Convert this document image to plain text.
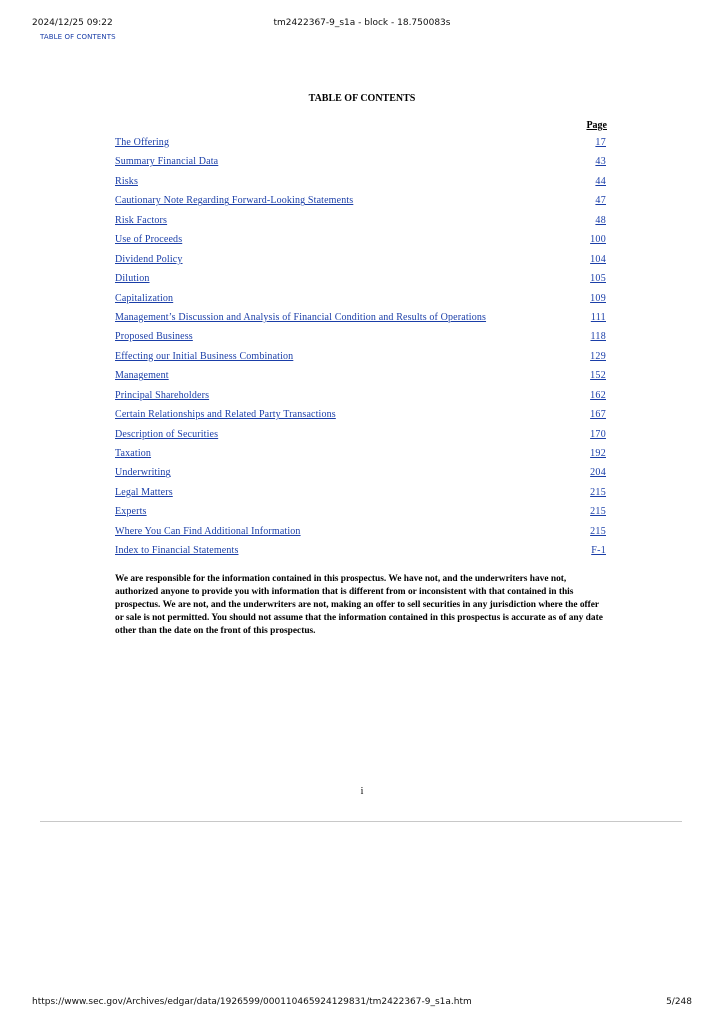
2024/12/25 09:22	tm2422367-9_s1a - block - 18.750083s
TABLE OF CONTENTS
TABLE OF CONTENTS
Page
The Offering	17
Summary Financial Data	43
Risks	44
Cautionary Note Regarding Forward-Looking Statements	47
Risk Factors	48
Use of Proceeds	100
Dividend Policy	104
Dilution	105
Capitalization	109
Management’s Discussion and Analysis of Financial Condition and Results of Operations	111
Proposed Business	118
Effecting our Initial Business Combination	129
Management	152
Principal Shareholders	162
Certain Relationships and Related Party Transactions	167
Description of Securities	170
Taxation	192
Underwriting	204
Legal Matters	215
Experts	215
Where You Can Find Additional Information	215
Index to Financial Statements	F-1
We are responsible for the information contained in this prospectus. We have not, and the underwriters have not, authorized anyone to provide you with information that is different from or inconsistent with that contained in this prospectus. We are not, and the underwriters are not, making an offer to sell securities in any jurisdiction where the offer or sale is not permitted. You should not assume that the information contained in this prospectus is accurate as of any date other than the date on the front of this prospectus.
i
https://www.sec.gov/Archives/edgar/data/1926599/000110465924129831/tm2422367-9_s1a.htm	5/248
